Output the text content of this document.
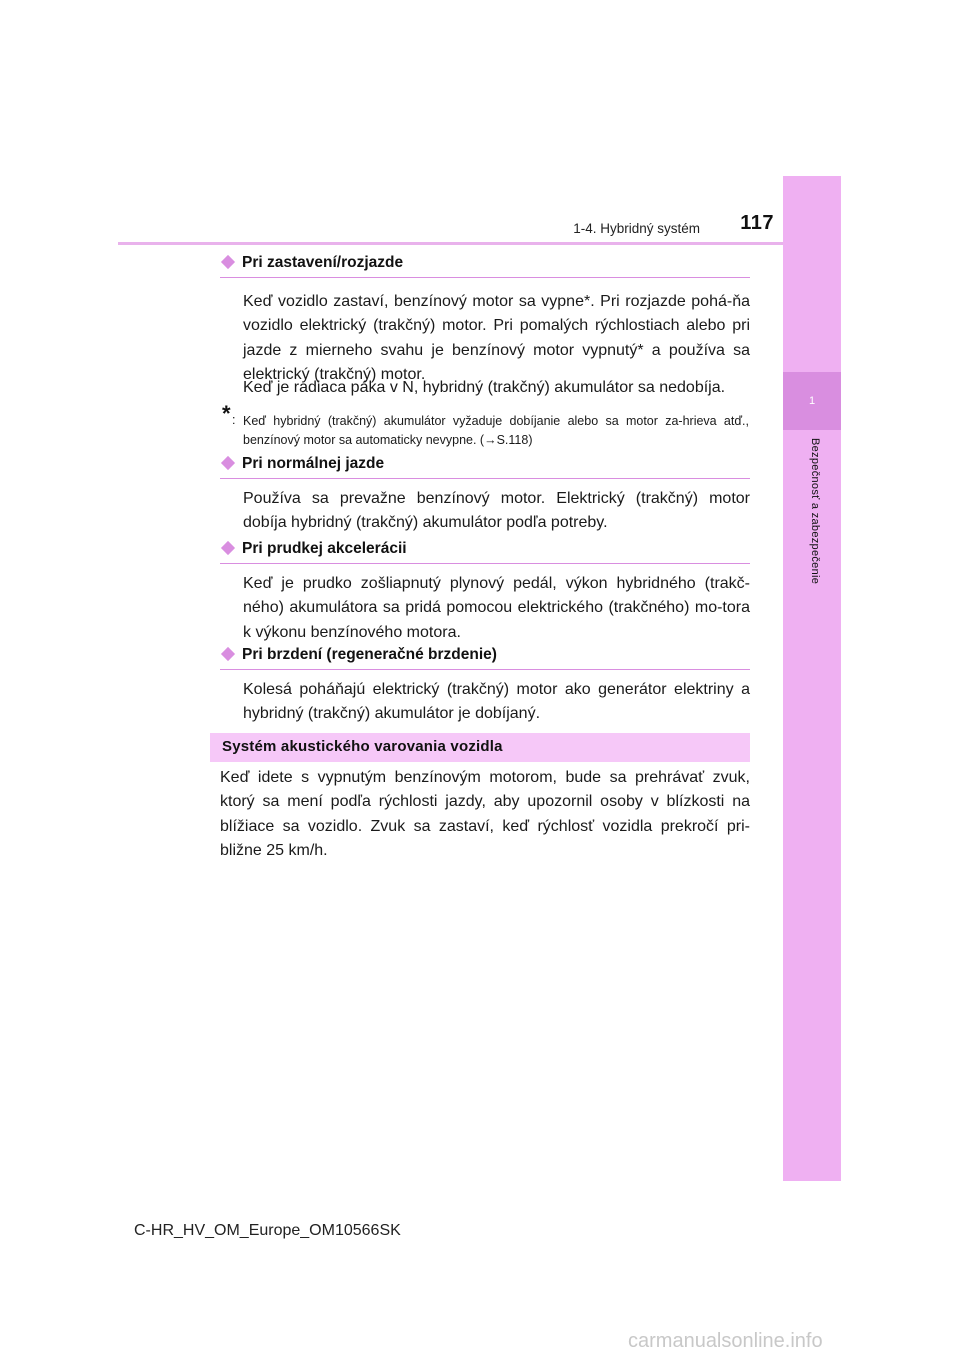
1-4. Hybridný systém	117
1
Bezpečnosť a zabezpečenie
Pri zastavení/rozjazde
Keď vozidlo zastaví, benzínový motor sa vypne*. Pri rozjazde pohá-ňa vozidlo elektrický (trakčný) motor. Pri pomalých rýchlostiach alebo pri jazde z mierneho svahu je benzínový motor vypnutý* a používa sa elektrický (trakčný) motor.
Keď je radiaca páka v N, hybridný (trakčný) akumulátor sa nedobíja.
* : Keď hybridný (trakčný) akumulátor vyžaduje dobíjanie alebo sa motor za-hrieva atď., benzínový motor sa automaticky nevypne. (→S.118)
Pri normálnej jazde
Používa sa prevažne benzínový motor. Elektrický (trakčný) motor dobíja hybridný (trakčný) akumulátor podľa potreby.
Pri prudkej akcelerácii
Keď je prudko zošliapnutý plynový pedál, výkon hybridného (trakč-ného) akumulátora sa pridá pomocou elektrického (trakčného) mo-tora k výkonu benzínového motora.
Pri brzdení (regeneračné brzdenie)
Kolesá poháňajú elektrický (trakčný) motor ako generátor elektriny a hybridný (trakčný) akumulátor je dobíjaný.
Systém akustického varovania vozidla
Keď idete s vypnutým benzínovým motorom, bude sa prehrávať zvuk, ktorý sa mení podľa rýchlosti jazdy, aby upozornil osoby v blízkosti na blížiace sa vozidlo. Zvuk sa zastaví, keď rýchlosť vozidla prekročí pri-bližne 25 km/h.
C-HR_HV_OM_Europe_OM10566SK
carmanualsonline.info
